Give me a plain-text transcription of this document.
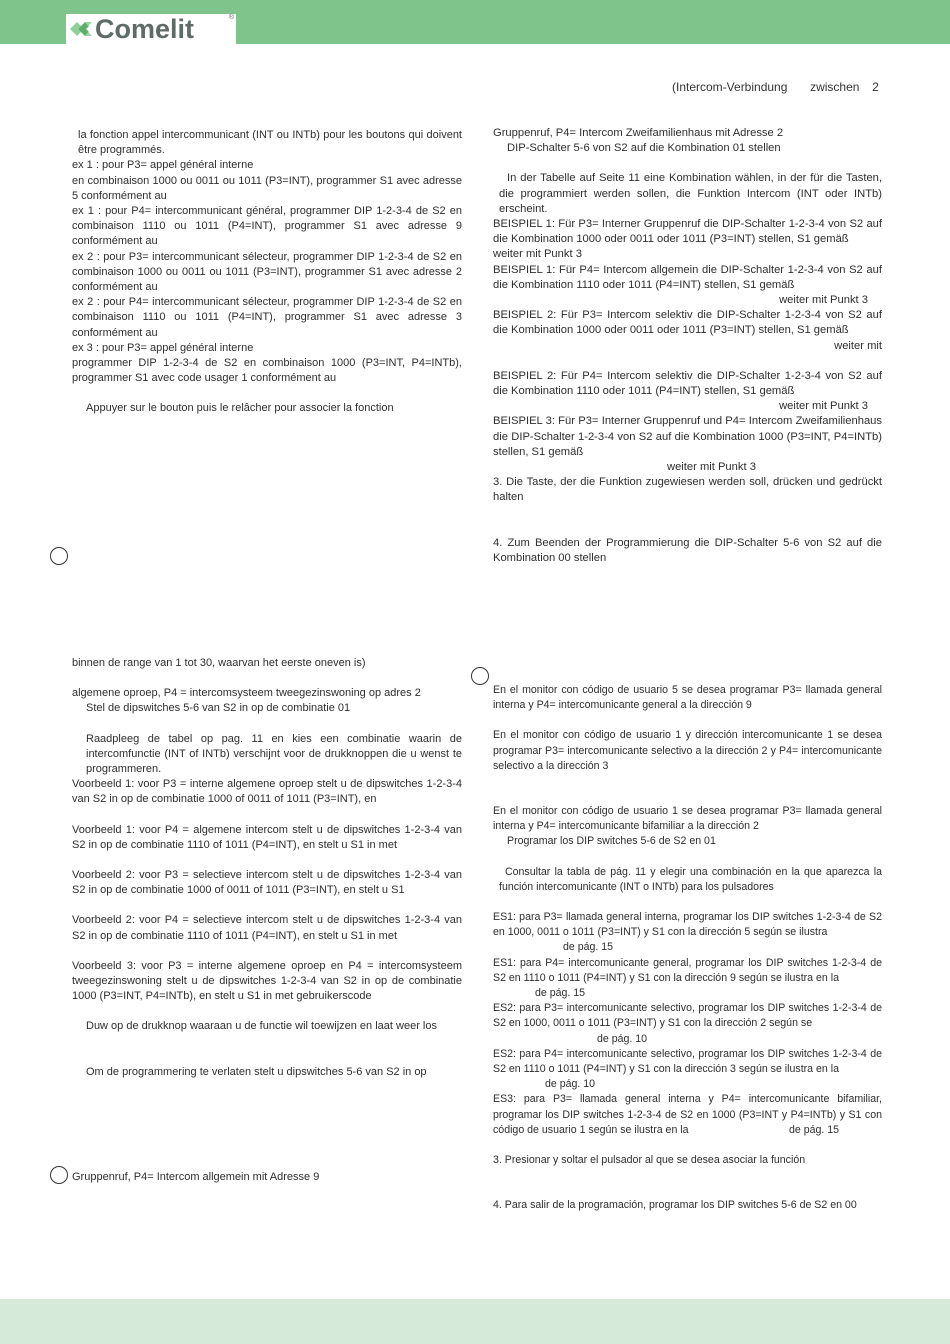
Comelit	®
(Intercom-Verbindung zwischen 2

la fonction appel intercommunicant (INT ou INTb) pour les boutons qui doivent être programmés.

ex 1 : pour P3= appel général interne

en combinaison 1000 ou 0011 ou 1011 (P3=INT), programmer S1 avec adresse 5 conformément au

ex 1 : pour P4= intercommunicant général, programmer DIP 1-2-3-4 de S2 en combinaison 1110 ou 1011 (P4=INT), programmer S1 avec adresse 9 conformément au

ex 2 : pour P3= intercommunicant sélecteur, programmer DIP 1-2-3-4 de S2 en combinaison 1000 ou 0011 ou 1011 (P3=INT), programmer S1 avec adresse 2 conformément au

ex 2 : pour P4= intercommunicant sélecteur, programmer DIP 1-2-3-4 de S2 en combinaison 1110 ou 1011 (P4=INT), programmer S1 avec adresse 3 conformément au

ex 3 : pour P3= appel général interne

programmer DIP 1-2-3-4 de S2 en combinaison 1000 (P3=INT, P4=INTb), programmer S1 avec code usager 1 conformément au

Appuyer sur le bouton puis le relâcher pour associer la fonction

Gruppenruf, P4= Intercom Zweifamilienhaus mit Adresse 2

DIP-Schalter 5-6 von S2 auf die Kombination 01 stellen

In der Tabelle auf Seite 11 eine Kombination wählen, in der für die Tasten, die programmiert werden sollen, die Funktion Intercom (INT oder INTb) erscheint.

BEISPIEL 1: Für P3= Interner Gruppenruf die DIP-Schalter 1-2-3-4 von S2 auf die Kombination 1000 oder 0011 oder 1011 (P3=INT) stellen, S1 gemäß

weiter mit Punkt 3

BEISPIEL 1: Für P4= Intercom allgemein die DIP-Schalter 1-2-3-4 von S2 auf die Kombination 1110 oder 1011 (P4=INT) stellen, S1 gemäß

weiter mit Punkt 3

BEISPIEL 2: Für P3= Intercom selektiv die DIP-Schalter 1-2-3-4 von S2 auf die Kombination 1000 oder 0011 oder 1011 (P3=INT) stellen, S1 gemäß

weiter mit

BEISPIEL 2: Für P4= Intercom selektiv die DIP-Schalter 1-2-3-4 von S2 auf die Kombination 1110 oder 1011 (P4=INT) stellen, S1 gemäß

weiter mit Punkt 3

BEISPIEL 3: Für P3= Interner Gruppenruf und P4= Intercom Zweifamilienhaus die DIP-Schalter 1-2-3-4 von S2 auf die Kombination 1000 (P3=INT, P4=INTb) stellen, S1 gemäß

weiter mit Punkt 3

3. Die Taste, der die Funktion zugewiesen werden soll, drücken und gedrückt halten

4. Zum Beenden der Programmierung die DIP-Schalter 5-6 von S2 auf die Kombination 00 stellen

binnen de range van 1 tot 30, waarvan het eerste oneven is)

algemene oproep, P4 = intercomsysteem tweegezinswoning op adres 2

Stel de dipswitches 5-6 van S2 in op de combinatie 01

Raadpleeg de tabel op pag. 11 en kies een combinatie waarin de intercomfunctie (INT of INTb) verschijnt voor de drukknoppen die u wenst te programmeren.

Voorbeeld 1: voor P3 = interne algemene oproep stelt u de dipswitches 1-2-3-4 van S2 in op de combinatie 1000 of 0011 of 1011 (P3=INT), en

Voorbeeld 1: voor P4 = algemene intercom stelt u de dipswitches 1-2-3-4 van S2 in op de combinatie 1110 of 1011 (P4=INT), en stelt u S1 in met

Voorbeeld 2: voor P3 = selectieve intercom stelt u de dipswitches 1-2-3-4 van S2 in op de combinatie 1000 of 0011 of 1011 (P3=INT), en stelt u S1

Voorbeeld 2: voor P4 = selectieve intercom stelt u de dipswitches 1-2-3-4 van S2 in op de combinatie 1110 of 1011 (P4=INT), en stelt u S1 in met

Voorbeeld 3: voor P3 = interne algemene oproep en P4 = intercomsysteem tweegezinswoning stelt u de dipswitches 1-2-3-4 van S2 in op de combinatie 1000 (P3=INT, P4=INTb), en stelt u S1 in met gebruikerscode

Duw op de drukknop waaraan u de functie wil toewijzen en laat weer los

Om de programmering te verlaten stelt u dipswitches 5-6 van S2 in op

Gruppenruf, P4= Intercom allgemein mit Adresse 9

En el monitor con código de usuario 5 se desea programar P3= llamada general interna y P4= intercomunicante general a la dirección 9

En el monitor con código de usuario 1 y dirección intercomunicante 1 se desea programar P3= intercomunicante selectivo a la dirección 2 y P4= intercomunicante selectivo a la dirección 3

En el monitor con código de usuario 1 se desea programar P3= llamada general interna y P4= intercomunicante bifamiliar a la dirección 2

Programar los DIP switches 5-6 de S2 en 01

Consultar la tabla de pág. 11 y elegir una combinación en la que aparezca la función intercomunicante (INT o INTb) para los pulsadores

ES1: para P3= llamada general interna, programar los DIP switches 1-2-3-4 de S2 en 1000, 0011 o 1011 (P3=INT) y S1 con la dirección 5 según se ilustra

de pág. 15

ES1: para P4= intercomunicante general, programar los DIP switches 1-2-3-4 de S2 en 1110 o 1011 (P4=INT) y S1 con la dirección 9 según se ilustra en la

de pág. 15

ES2: para P3= intercomunicante selectivo, programar los DIP switches 1-2-3-4 de S2 en 1000, 0011 o 1011 (P3=INT) y S1 con la dirección 2 según se

de pág. 10

ES2: para P4= intercomunicante selectivo, programar los DIP switches 1-2-3-4 de S2 en 1110 o 1011 (P4=INT) y S1 con la dirección 3 según se ilustra en la

de pág. 10

ES3: para P3= llamada general interna y P4= intercomunicante bifamiliar, programar los DIP switches 1-2-3-4 de S2 en 1000 (P3=INT y P4=INTb) y S1 con código de usuario 1 según se ilustra en la	de pág. 15

3. Presionar y soltar el pulsador al que se desea asociar la función

4. Para salir de la programación, programar los DIP switches 5-6 de S2 en 00
